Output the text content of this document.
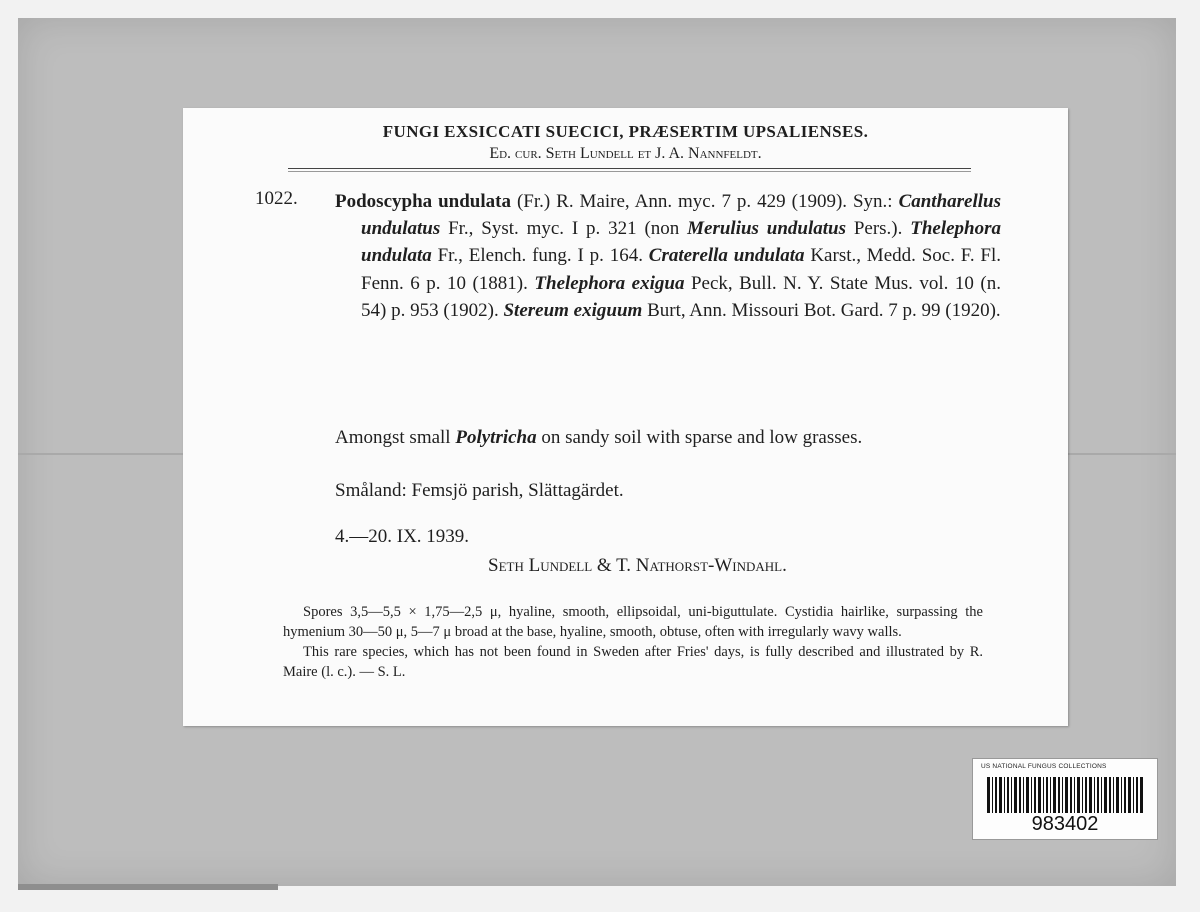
FUNGI EXSICCATI SUECICI, PRÆSERTIM UPSALIENSES.
Ed. cur. Seth Lundell et J. A. Nannfeldt.
1022. Podoscypha undulata (Fr.) R. Maire, Ann. myc. 7 p. 429 (1909). Syn.: Cantharellus undulatus Fr., Syst. myc. I p. 321 (non Merulius undulatus Pers.). Thelephora undulata Fr., Elench. fung. I p. 164. Craterella undulata Karst., Medd. Soc. F. Fl. Fenn. 6 p. 10 (1881). Thelephora exigua Peck, Bull. N. Y. State Mus. vol. 10 (n. 54) p. 953 (1902). Stereum exiguum Burt, Ann. Missouri Bot. Gard. 7 p. 99 (1920).
Amongst small Polytricha on sandy soil with sparse and low grasses.
Småland: Femsjö parish, Slättagärdet.
4.—20. IX. 1939.
Seth Lundell & T. Nathorst-Windahl.
Spores 3,5—5,5 × 1,75—2,5 μ, hyaline, smooth, ellipsoidal, uni-biguttulate. Cystidia hairlike, surpassing the hymenium 30—50 μ, 5—7 μ broad at the base, hyaline, smooth, obtuse, often with irregularly wavy walls.
This rare species, which has not been found in Sweden after Fries' days, is fully described and illustrated by R. Maire (l. c.). — S. L.
US NATIONAL FUNGUS COLLECTIONS
983402
